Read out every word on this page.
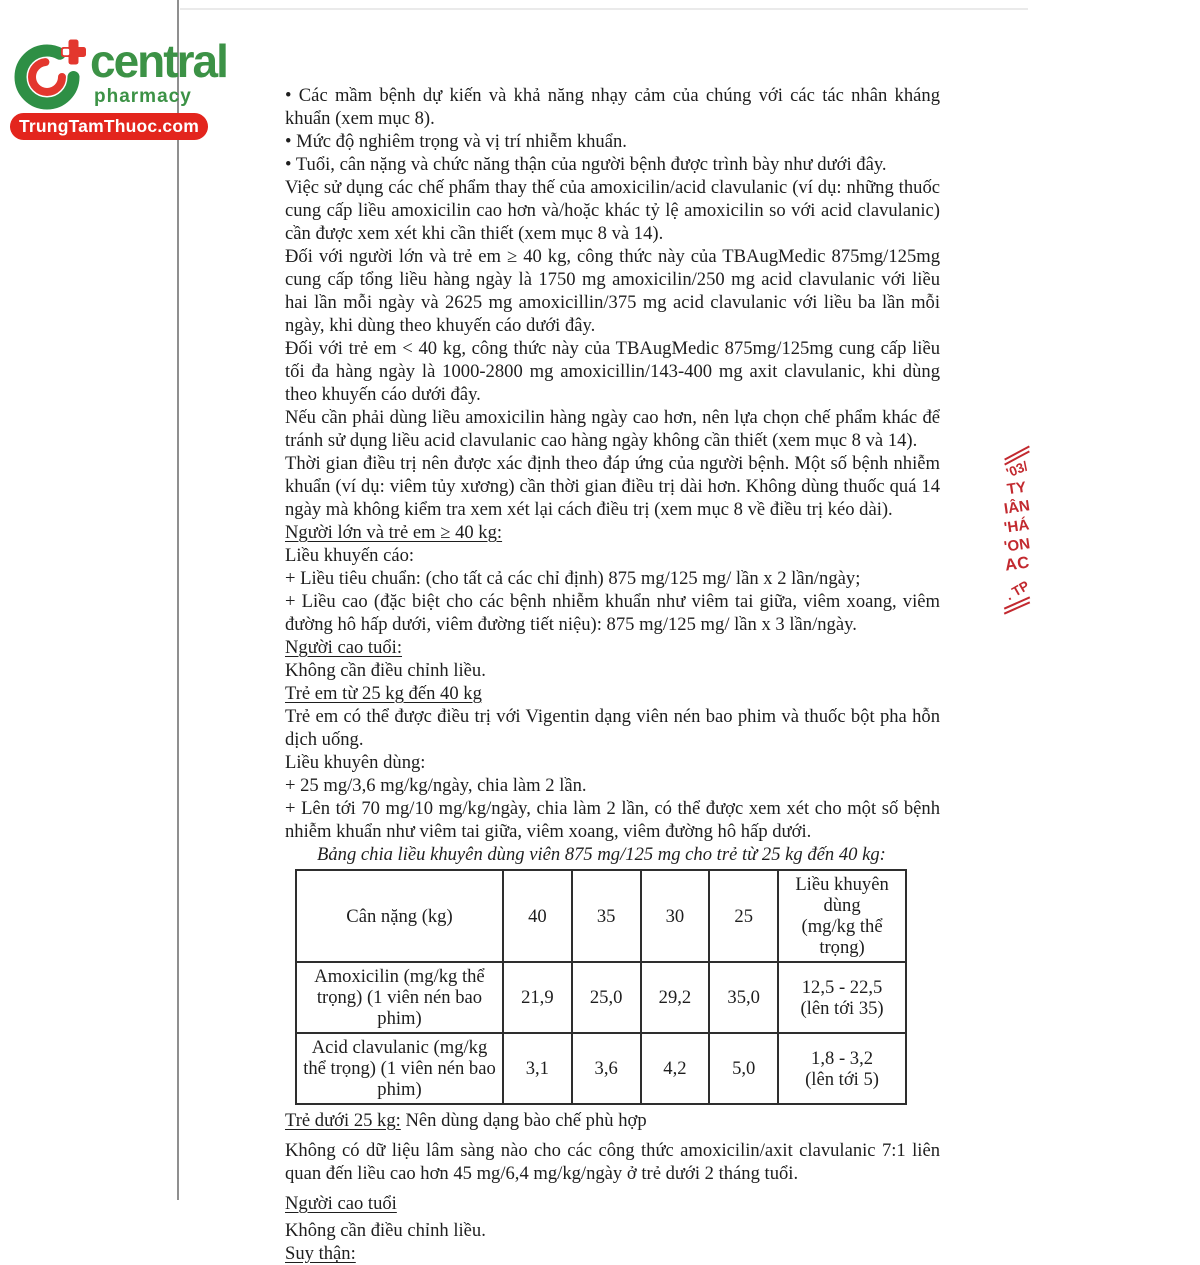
central
pharmacy
TrungTamThuoc.com

• Các mầm bệnh dự kiến và khả năng nhạy cảm của chúng với các tác nhân kháng khuẩn (xem mục 8).

• Mức độ nghiêm trọng và vị trí nhiễm khuẩn.

• Tuổi, cân nặng và chức năng thận của người bệnh được trình bày như dưới đây.

Việc sử dụng các chế phẩm thay thế của amoxicilin/acid clavulanic (ví dụ: những thuốc cung cấp liều amoxicilin cao hơn và/hoặc khác tỷ lệ amoxicilin so với acid clavulanic) cần được xem xét khi cần thiết (xem mục 8 và 14).

Đối với người lớn và trẻ em ≥ 40 kg, công thức này của TBAugMedic 875mg/125mg cung cấp tổng liều hàng ngày là 1750 mg amoxicilin/250 mg acid clavulanic với liều hai lần mỗi ngày và 2625 mg amoxicillin/375 mg acid clavulanic với liều ba lần mỗi ngày, khi dùng theo khuyến cáo dưới đây.

Đối với trẻ em < 40 kg, công thức này của TBAugMedic 875mg/125mg cung cấp liều tối đa hàng ngày là 1000-2800 mg amoxicillin/143-400 mg axit clavulanic, khi dùng theo khuyến cáo dưới đây.

Nếu cần phải dùng liều amoxicilin hàng ngày cao hơn, nên lựa chọn chế phẩm khác để tránh sử dụng liều acid clavulanic cao hàng ngày không cần thiết (xem mục 8 và 14).

Thời gian điều trị nên được xác định theo đáp ứng của người bệnh. Một số bệnh nhiễm khuẩn (ví dụ: viêm tủy xương) cần thời gian điều trị dài hơn. Không dùng thuốc quá 14 ngày mà không kiểm tra xem xét lại cách điều trị (xem mục 8 về điều trị kéo dài).

Người lớn và trẻ em ≥ 40 kg:

Liều khuyến cáo:

+ Liều tiêu chuẩn: (cho tất cả các chỉ định) 875 mg/125 mg/ lần x 2 lần/ngày;

+ Liều cao (đặc biệt cho các bệnh nhiễm khuẩn như viêm tai giữa, viêm xoang, viêm đường hô hấp dưới, viêm đường tiết niệu): 875 mg/125 mg/ lần x 3 lần/ngày.

Người cao tuổi:

Không cần điều chỉnh liều.

Trẻ em từ 25 kg đến 40 kg

Trẻ em có thể được điều trị với Vigentin dạng viên nén bao phim và thuốc bột pha hỗn dịch uống.

Liều khuyên dùng:

+ 25 mg/3,6 mg/kg/ngày, chia làm 2 lần.

+ Lên tới 70 mg/10 mg/kg/ngày, chia làm 2 lần, có thể được xem xét cho một số bệnh nhiễm khuẩn như viêm tai giữa, viêm xoang, viêm đường hô hấp dưới.

Bảng chia liều khuyên dùng viên 875 mg/125 mg cho trẻ từ 25 kg đến 40 kg:

Cân nặng (kg)	40	35	30	25	Liều khuyên dùng
(mg/kg thể trọng)

Amoxicilin (mg/kg thể trọng) (1 viên nén bao phim)	21,9	25,0	29,2	35,0	12,5 - 22,5
(lên tới 35)

Acid clavulanic (mg/kg thể trọng) (1 viên nén bao phim)	3,1	3,6	4,2	5,0	1,8 - 3,2
(lên tới 5)

Trẻ dưới 25 kg: Nên dùng dạng bào chế phù hợp

Không có dữ liệu lâm sàng nào cho các công thức amoxicilin/axit clavulanic 7:1 liên quan đến liều cao hơn 45 mg/6,4 mg/kg/ngày ở trẻ dưới 2 tháng tuổi.

Người cao tuổi

Không cần điều chỉnh liều.

Suy thận:

'03/
TY
IÂN
'HÁ
'ON
AC
. TP
